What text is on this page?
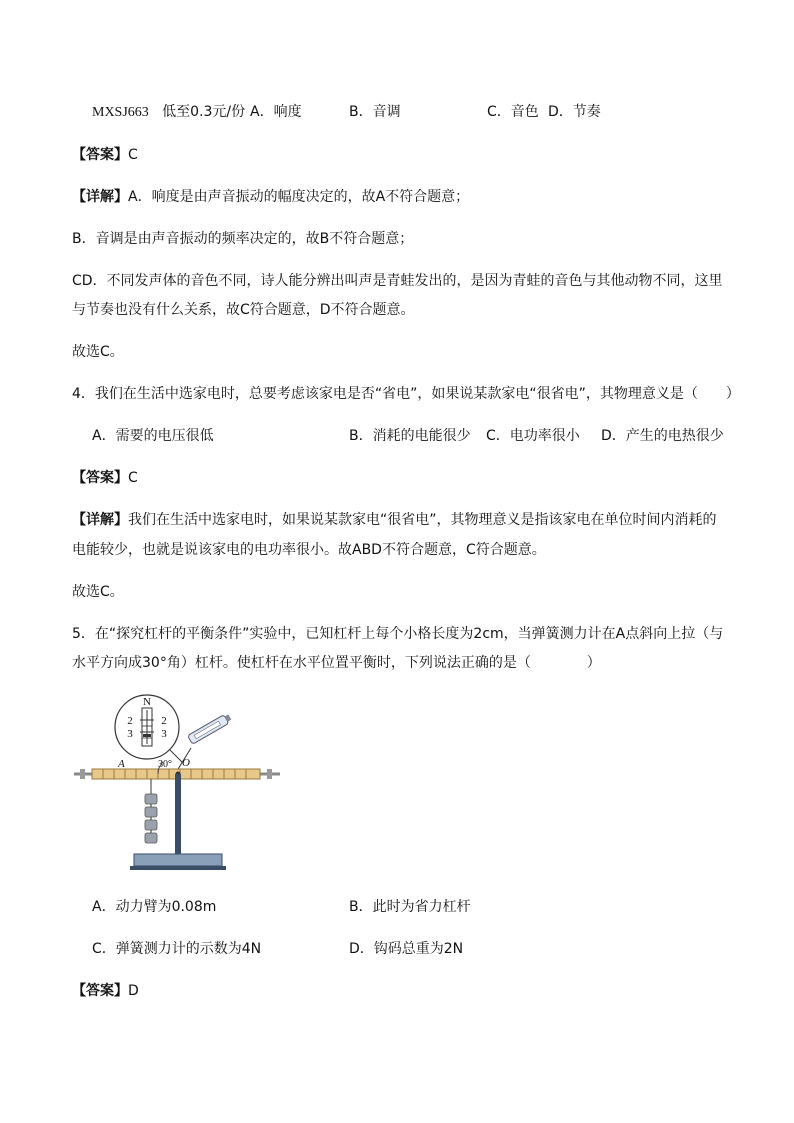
MXSJ663 低至0.3元/份 A．响度	B．音调	C．音色 D．节奏
【答案】C
【详解】A．响度是由声音振动的幅度决定的，故A不符合题意；
B．音调是由声音振动的频率决定的，故B不符合题意；
CD．不同发声体的音色不同，诗人能分辨出叫声是青蛙发出的，是因为青蛙的音色与其他动物不同，这里
与节奏也没有什么关系，故C符合题意，D不符合题意。
故选C。
4．我们在生活中选家电时，总要考虑该家电是否“省电”，如果说某款家电“很省电”，其物理意义是（　　）
A．需要的电压很低	B．消耗的电能很少 C．电功率很小 D．产生的电热很少
【答案】C
【详解】我们在生活中选家电时，如果说某款家电“很省电”，其物理意义是指该家电在单位时间内消耗的
电能较少，也就是说该家电的电功率很小。故ABD不符合题意，C符合题意。
故选C。
5．在“探究杠杆的平衡条件”实验中，已知杠杆上每个小格长度为2cm，当弹簧测力计在A点斜向上拉（与
水平方向成30°角）杠杆。使杠杆在水平位置平衡时，下列说法正确的是（　　　　）
N
2
3
2
3
30°
A	O
A．动力臂为0.08m	B．此时为省力杠杆
C．弹簧测力计的示数为4N	D．钩码总重为2N
【答案】D
